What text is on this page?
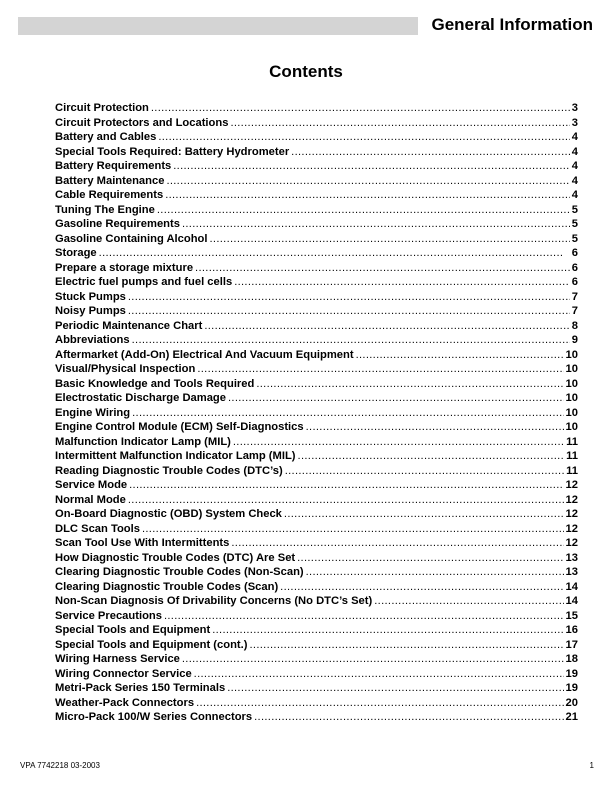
General Information
Contents
Circuit Protection . . .	3
Circuit Protectors and Locations . . .	3
Battery and Cables . . .	4
Special Tools Required: Battery Hydrometer . . .	4
Battery Requirements . . .	4
Battery Maintenance . . .	4
Cable Requirements . . .	4
Tuning The Engine . . .	5
Gasoline Requirements . . .	5
Gasoline Containing Alcohol . . .	5
Storage . . .	6
Prepare a storage mixture . . .	6
Electric fuel pumps and fuel cells . . .	6
Stuck Pumps . . .	7
Noisy Pumps . . .	7
Periodic Maintenance Chart . . .	8
Abbreviations . . .	9
Aftermarket (Add-On) Electrical And Vacuum Equipment . . .	10
Visual/Physical Inspection . . .	10
Basic Knowledge and Tools Required . . .	10
Electrostatic Discharge Damage . . .	10
Engine Wiring . . .	10
Engine Control Module (ECM) Self-Diagnostics . . .	10
Malfunction Indicator Lamp (MIL) . . .	11
Intermittent Malfunction Indicator Lamp (MIL) . . .	11
Reading Diagnostic Trouble Codes (DTC’s) . . .	11
Service Mode . . .	12
Normal Mode . . .	12
On-Board Diagnostic (OBD) System Check . . .	12
DLC Scan Tools . . .	12
Scan Tool Use With Intermittents . . .	12
How Diagnostic Trouble Codes (DTC) Are Set . . .	13
Clearing Diagnostic Trouble Codes (Non-Scan) . . .	13
Clearing Diagnostic Trouble Codes (Scan) . . .	14
Non-Scan Diagnosis Of Drivability Concerns (No DTC’s Set) . . .	14
Service Precautions . . .	15
Special Tools and Equipment . . .	16
Special Tools and Equipment (cont.) . . .	17
Wiring Harness Service . . .	18
Wiring Connector Service . . .	19
Metri-Pack Series 150 Terminals . . .	19
Weather-Pack Connectors . . .	20
Micro-Pack 100/W Series Connectors . . .	21
VPA 7742218 03-2003	1
